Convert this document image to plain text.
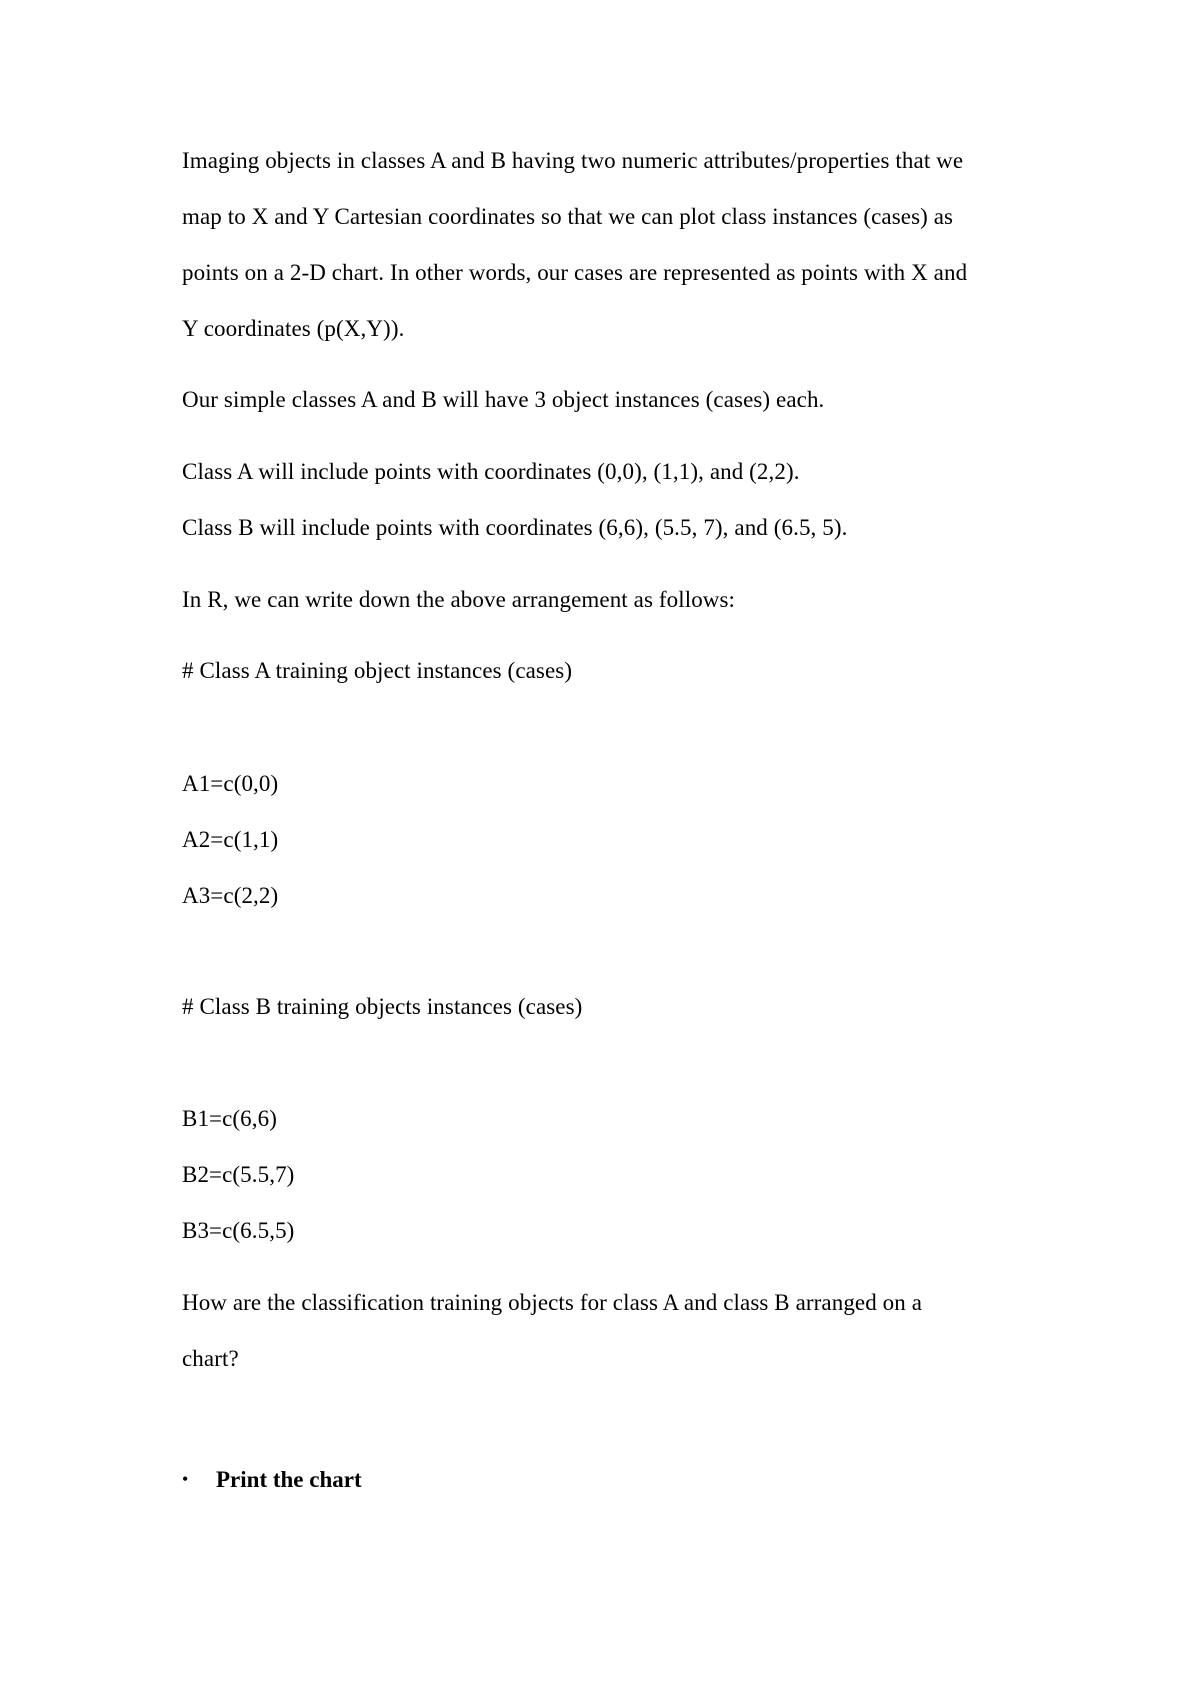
Imaging objects in classes A and B having two numeric attributes/properties that we
map to X and Y Cartesian coordinates so that we can plot class instances (cases) as
points on a 2-D chart. In other words, our cases are represented as points with X and
Y coordinates (p(X,Y)).
Our simple classes A and B will have 3 object instances (cases) each.
Class A will include points with coordinates (0,0), (1,1), and (2,2).
Class B will include points with coordinates (6,6), (5.5, 7), and (6.5, 5).
In R, we can write down the above arrangement as follows:
# Class A training object instances (cases)
A1=c(0,0)
A2=c(1,1)
A3=c(2,2)
# Class B training objects instances (cases)
B1=c(6,6)
B2=c(5.5,7)
B3=c(6.5,5)
How are the classification training objects for class A and class B arranged on a
chart?
• Print the chart
